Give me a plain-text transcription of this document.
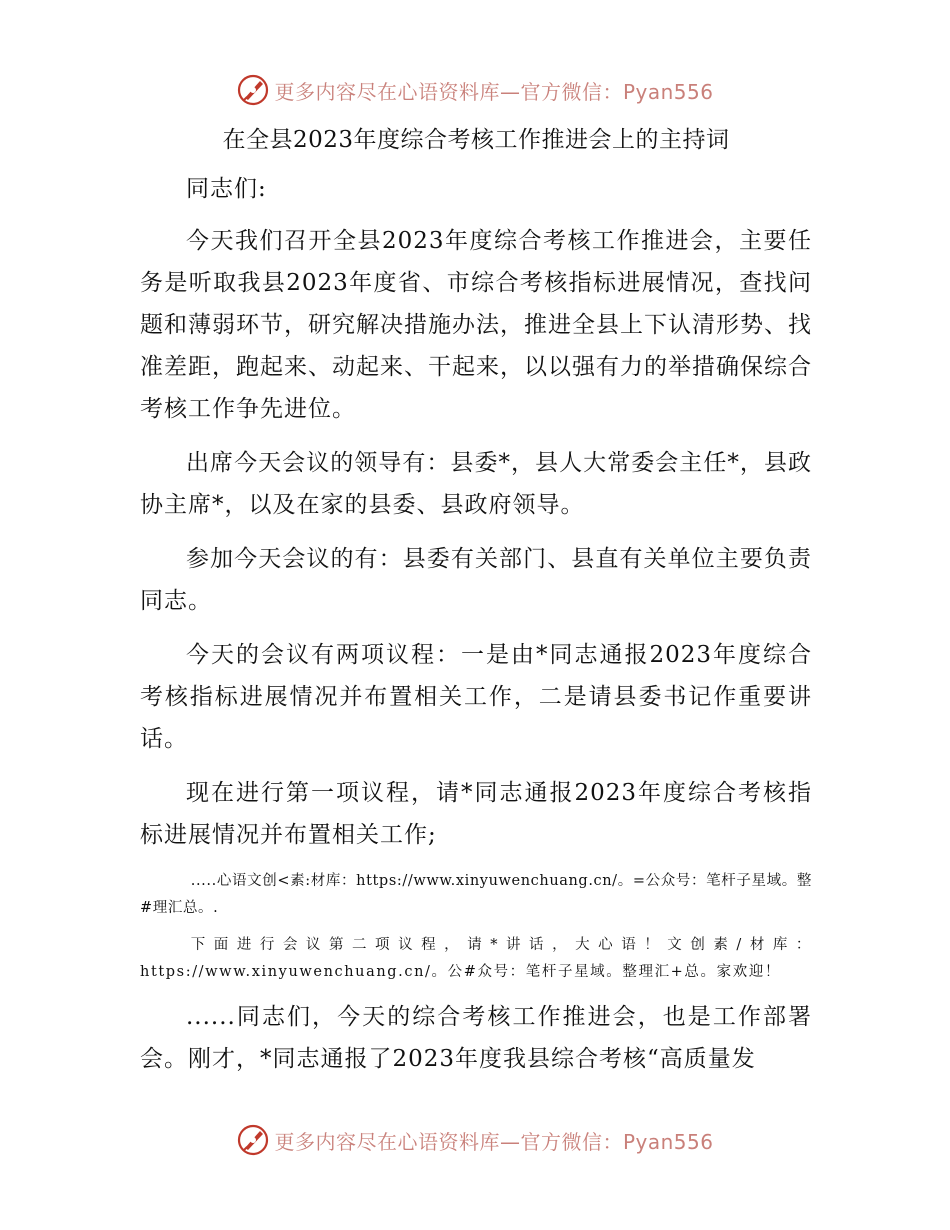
更多内容尽在心语资料库—官方微信：Pyan556
在全县2023年度综合考核工作推进会上的主持词

同志们:

今天我们召开全县2023年度综合考核工作推进会，主要任务是听取我县2023年度省、市综合考核指标进展情况，查找问题和薄弱环节，研究解决措施办法，推进全县上下认清形势、找准差距，跑起来、动起来、干起来，以以强有力的举措确保综合考核工作争先进位。

出席今天会议的领导有：县委*，县人大常委会主任*，县政协主席*，以及在家的县委、县政府领导。

参加今天会议的有：县委有关部门、县直有关单位主要负责同志。

今天的会议有两项议程：一是由*同志通报2023年度综合考核指标进展情况并布置相关工作，二是请县委书记作重要讲话。

现在进行第一项议程，请*同志通报2023年度综合考核指标进展情况并布置相关工作;

.....心语文创<素:材库：https://www.xinyuwenchuang.cn/。=公众号：笔杆子星域。整#理汇总。.

下面进行会议第二项议程，请*讲话，大心语！文创素/材库：https://www.xinyuwenchuang.cn/。公#众号：笔杆子星域。整理汇+总。家欢迎！

......同志们，今天的综合考核工作推进会，也是工作部署会。刚才，*同志通报了2023年度我县综合考核“高质量发

更多内容尽在心语资料库—官方微信：Pyan556
